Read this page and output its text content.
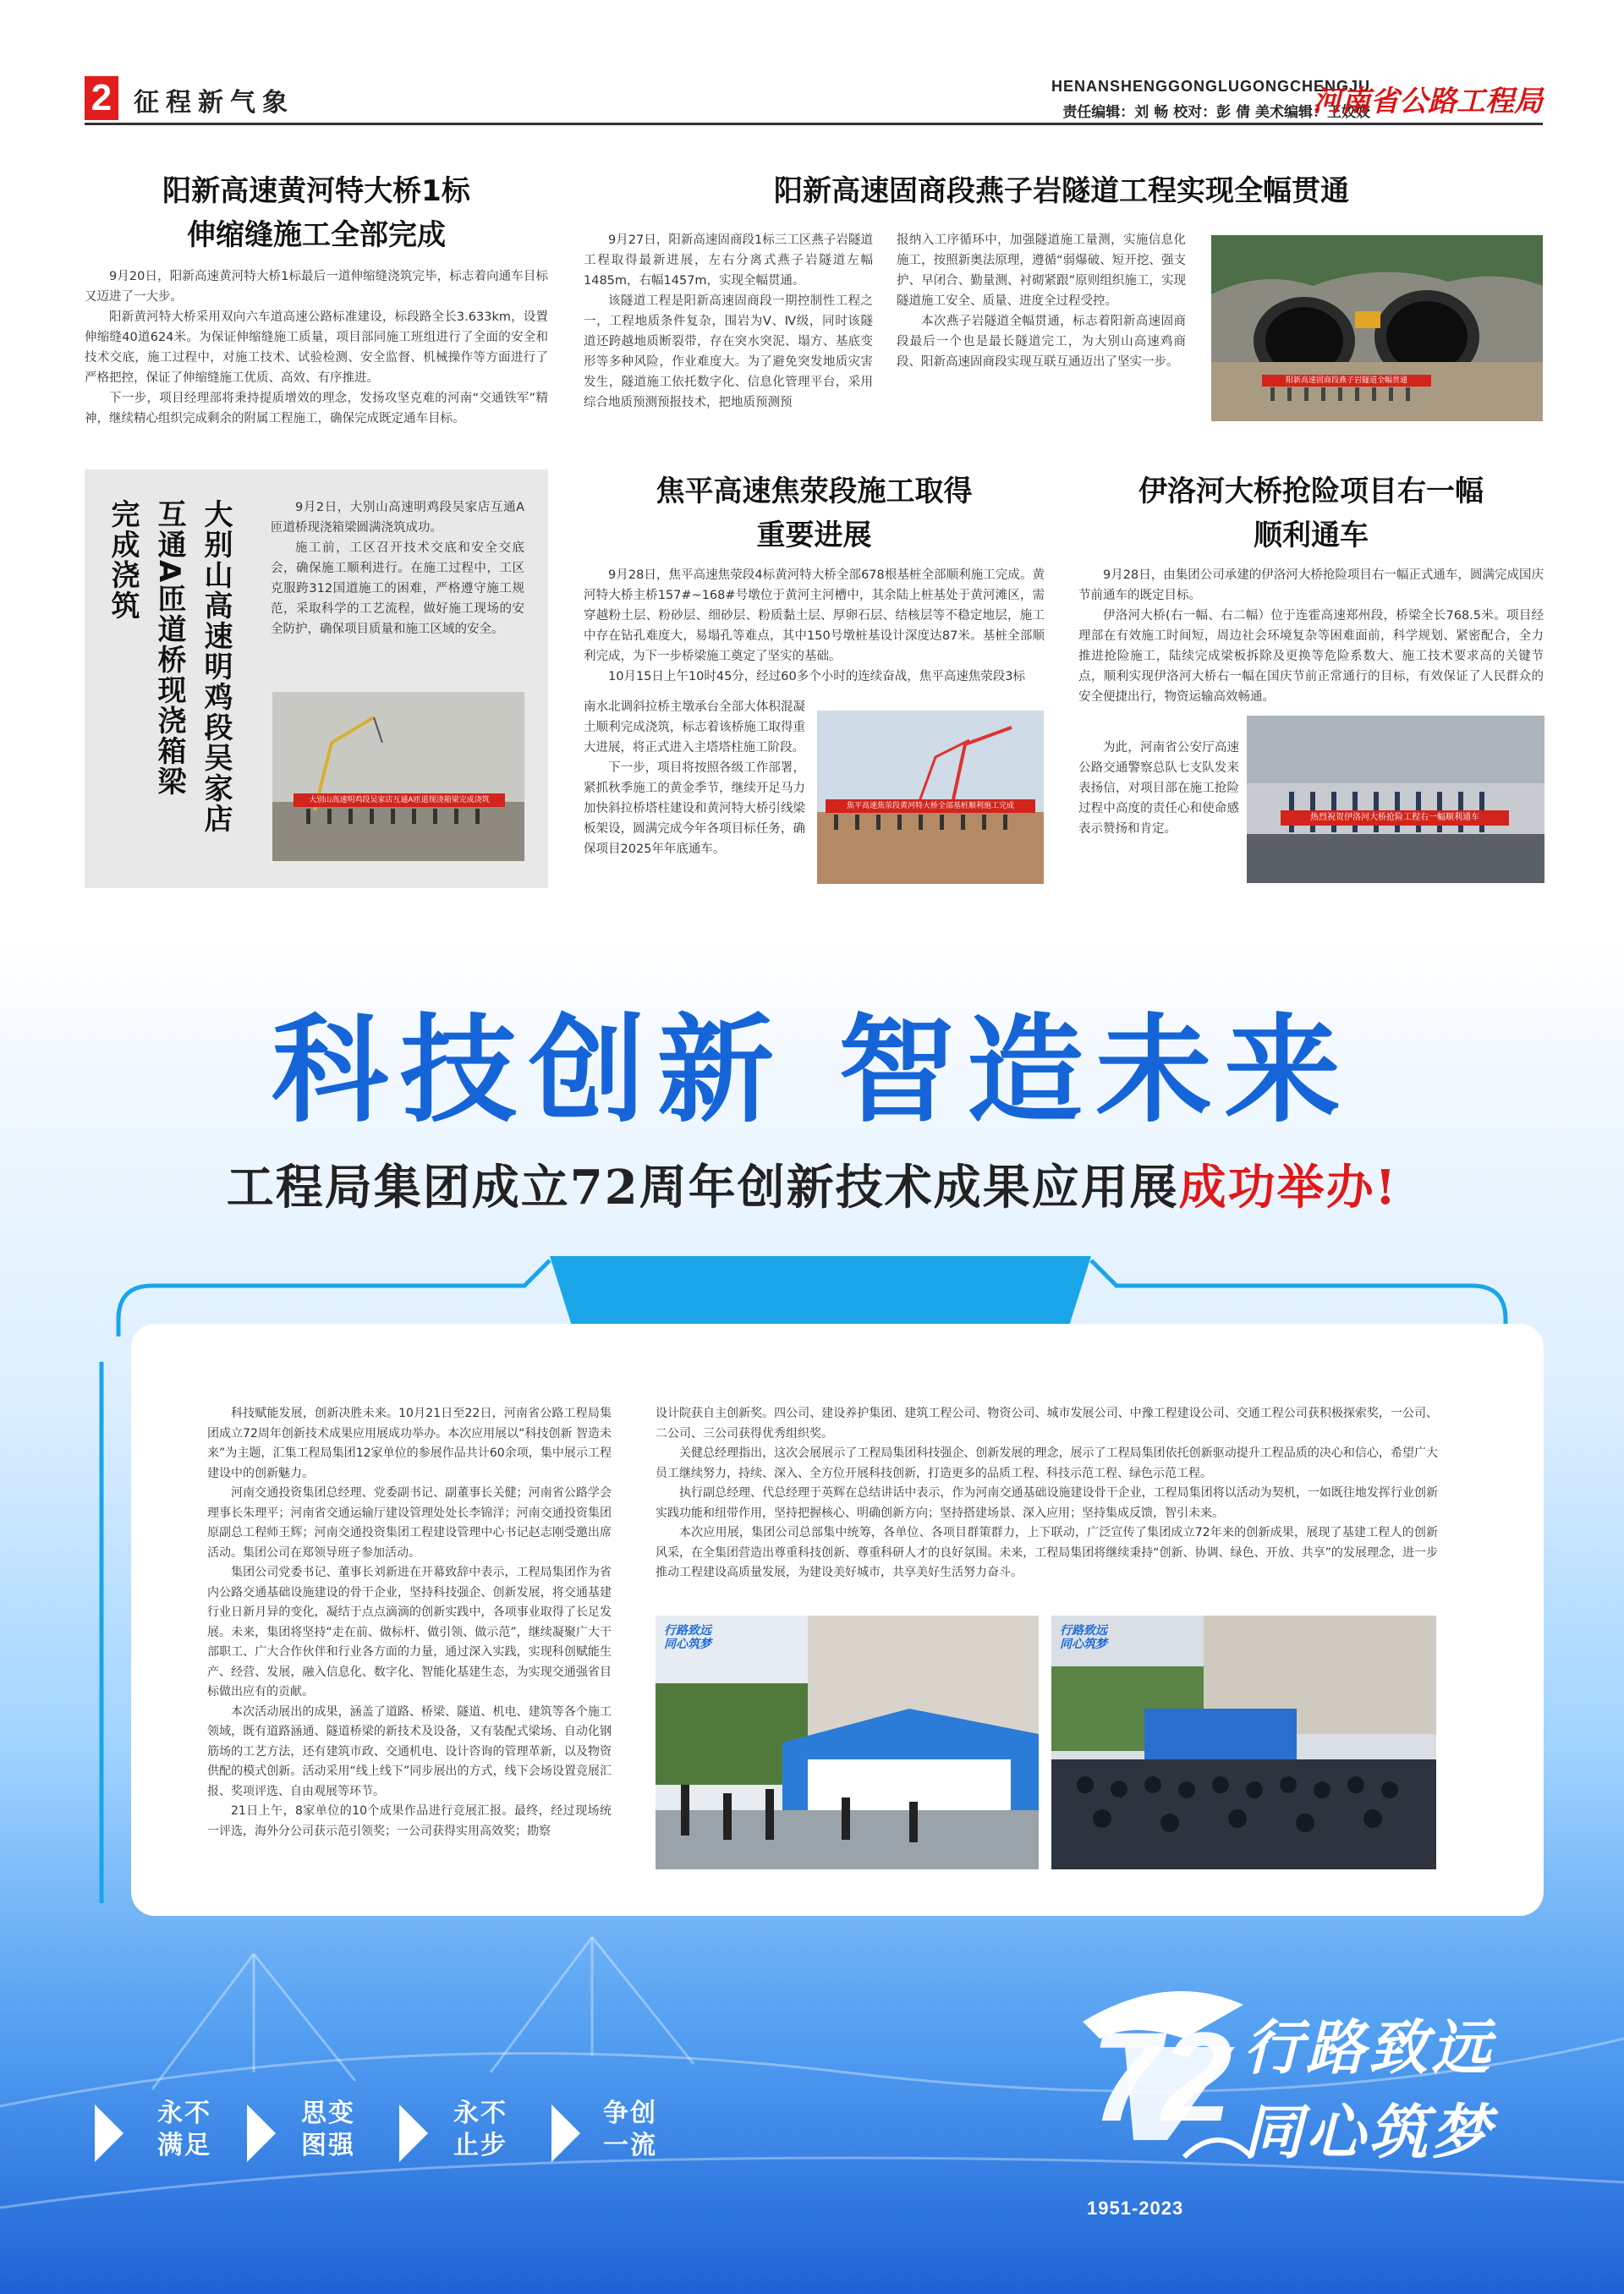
2 征程新气象
HENANSHENGGONGLUGONGCHENGJU
责任编辑：刘 畅 校对：彭 倩 美术编辑：王姣姣
河南省公路工程局
阳新高速黄河特大桥1标
伸缩缝施工全部完成

9月20日，阳新高速黄河特大桥1标最后一道伸缩缝浇筑完毕，标志着向通车目标又迈进了一大步。

阳新黄河特大桥采用双向六车道高速公路标准建设，标段路全长3.633km，设置伸缩缝40道624米。为保证伸缩缝施工质量，项目部同施工班组进行了全面的安全和技术交底，施工过程中，对施工技术、试验检测、安全监督、机械操作等方面进行了严格把控，保证了伸缩缝施工优质、高效、有序推进。

下一步，项目经理部将秉持提质增效的理念，发扬攻坚克难的河南“交通铁军”精神，继续精心组织完成剩余的附属工程施工，确保完成既定通车目标。

阳新高速固商段燕子岩隧道工程实现全幅贯通

9月27日，阳新高速固商段1标三工区燕子岩隧道工程取得最新进展，左右分离式燕子岩隧道左幅1485m，右幅1457m，实现全幅贯通。

该隧道工程是阳新高速固商段一期控制性工程之一，工程地质条件复杂，围岩为Ⅴ、Ⅳ级，同时该隧道还跨越地质断裂带，存在突水突泥、塌方、基底变形等多种风险，作业难度大。为了避免突发地质灾害发生，隧道施工依托数字化、信息化管理平台，采用综合地质预测预报技术，把地质预测预

报纳入工序循环中，加强隧道施工量测，实施信息化施工，按照新奥法原理，遵循“弱爆破、短开挖、强支护、早闭合、勤量测、衬砌紧跟”原则组织施工，实现隧道施工安全、质量、进度全过程受控。

本次燕子岩隧道全幅贯通，标志着阳新高速固商段最后一个也是最长隧道完工，为大别山高速鸡商段、阳新高速固商段实现互联互通迈出了坚实一步。

阳新高速固商段燕子岩隧道全幅贯通
完成浇筑 互通A匝道桥现浇箱梁 大别山高速明鸡段吴家店	9月2日，大别山高速明鸡段吴家店互通A匝道桥现浇箱梁圆满浇筑成功。

施工前，工区召开技术交底和安全交底会，确保施工顺利进行。在施工过程中，工区克服跨312国道施工的困难，严格遵守施工规范，采取科学的工艺流程，做好施工现场的安全防护，确保项目质量和施工区域的安全。

大别山高速明鸡段吴家店互通A匝道现浇箱梁完成浇筑
焦平高速焦荥段施工取得
重要进展

9月28日，焦平高速焦荥段4标黄河特大桥全部678根基桩全部顺利施工完成。黄河特大桥主桥157#~168#号墩位于黄河主河槽中，其余陆上桩基处于黄河滩区，需穿越粉土层、粉砂层、细砂层、粉质黏土层、厚卵石层、结核层等不稳定地层，施工中存在钻孔难度大，易塌孔等难点，其中150号墩桩基设计深度达87米。基桩全部顺利完成，为下一步桥梁施工奠定了坚实的基础。

10月15日上午10时45分，经过60多个小时的连续奋战，焦平高速焦荥段3标

南水北调斜拉桥主墩承台全部大体积混凝土顺利完成浇筑，标志着该桥施工取得重大进展，将正式进入主塔塔柱施工阶段。

下一步，项目将按照各级工作部署，紧抓秋季施工的黄金季节，继续开足马力加快斜拉桥塔柱建设和黄河特大桥引线梁板架设，圆满完成今年各项目标任务，确保项目2025年年底通车。

焦平高速焦荥段黄河特大桥全部基桩顺利施工完成
伊洛河大桥抢险项目右一幅
顺利通车

9月28日，由集团公司承建的伊洛河大桥抢险项目右一幅正式通车，圆满完成国庆节前通车的既定目标。

伊洛河大桥(右一幅、右二幅）位于连霍高速郑州段，桥梁全长768.5米。项目经理部在有效施工时间短，周边社会环境复杂等困难面前，科学规划、紧密配合，全力推进抢险施工，陆续完成梁板拆除及更换等危险系数大、施工技术要求高的关键节点，顺利实现伊洛河大桥右一幅在国庆节前正常通行的目标，有效保证了人民群众的安全便捷出行，物资运输高效畅通。

为此，河南省公安厅高速公路交通警察总队七支队发来表扬信，对项目部在施工抢险过程中高度的责任心和使命感表示赞扬和肯定。

热烈祝贺伊洛河大桥抢险工程右一幅顺利通车
科技创新 智造未来
工程局集团成立72周年创新技术成果应用展成功举办!

科技赋能发展，创新决胜未来。10月21日至22日，河南省公路工程局集团成立72周年创新技术成果应用展成功举办。本次应用展以“科技创新 智造未来”为主题，汇集工程局集团12家单位的参展作品共计60余项，集中展示工程建设中的创新魅力。

河南交通投资集团总经理、党委副书记、副董事长关健；河南省公路学会理事长朱理平；河南省交通运输厅建设管理处处长李锦洋；河南交通投资集团原副总工程师王辉；河南交通投资集团工程建设管理中心书记赵志刚受邀出席活动。集团公司在郑领导班子参加活动。

集团公司党委书记、董事长刘新进在开幕致辞中表示，工程局集团作为省内公路交通基础设施建设的骨干企业，坚持科技强企、创新发展，将交通基建行业日新月异的变化，凝结于点点滴滴的创新实践中，各项事业取得了长足发展。未来，集团将坚持“走在前、做标杆、做引领、做示范”，继续凝聚广大干部职工、广大合作伙伴和行业各方面的力量，通过深入实践，实现科创赋能生产、经营、发展，融入信息化、数字化、智能化基建生态，为实现交通强省目标做出应有的贡献。

本次活动展出的成果，涵盖了道路、桥梁、隧道、机电、建筑等各个施工领域，既有道路涵通、隧道桥梁的新技术及设备，又有装配式梁场、自动化钢筋场的工艺方法，还有建筑市政、交通机电、设计咨询的管理革新，以及物资供配的模式创新。活动采用“线上线下”同步展出的方式，线下会场设置竞展汇报、奖项评选、自由观展等环节。

21日上午，8家单位的10个成果作品进行竞展汇报。最终，经过现场统一评选，海外分公司获示范引领奖；一公司获得实用高效奖；勘察

设计院获自主创新奖。四公司、建设养护集团、建筑工程公司、物资公司、城市发展公司、中豫工程建设公司、交通工程公司获积极探索奖，一公司、二公司、三公司获得优秀组织奖。

关健总经理指出，这次会展展示了工程局集团科技强企、创新发展的理念，展示了工程局集团依托创新驱动提升工程品质的决心和信心，希望广大员工继续努力，持续、深入、全方位开展科技创新，打造更多的品质工程、科技示范工程、绿色示范工程。

执行副总经理、代总经理于英辉在总结讲话中表示，作为河南交通基础设施建设骨干企业，工程局集团将以活动为契机，一如既往地发挥行业创新实践功能和纽带作用，坚持把握核心、明确创新方向；坚持搭建场景、深入应用；坚持集成反馈，智引未来。

本次应用展，集团公司总部集中统筹，各单位、各项目群策群力，上下联动，广泛宣传了集团成立72年来的创新成果，展现了基建工程人的创新风采，在全集团营造出尊重科技创新、尊重科研人才的良好氛围。未来，工程局集团将继续秉持“创新、协调、绿色、开放、共享”的发展理念，进一步推动工程建设高质量发展，为建设美好城市，共享美好生活努力奋斗。

行路致远
同心筑梦
行路致远
同心筑梦
永不
满足
思变
图强
永不
止步
争创
一流	72
1951-2023
行路致远
同心筑梦
